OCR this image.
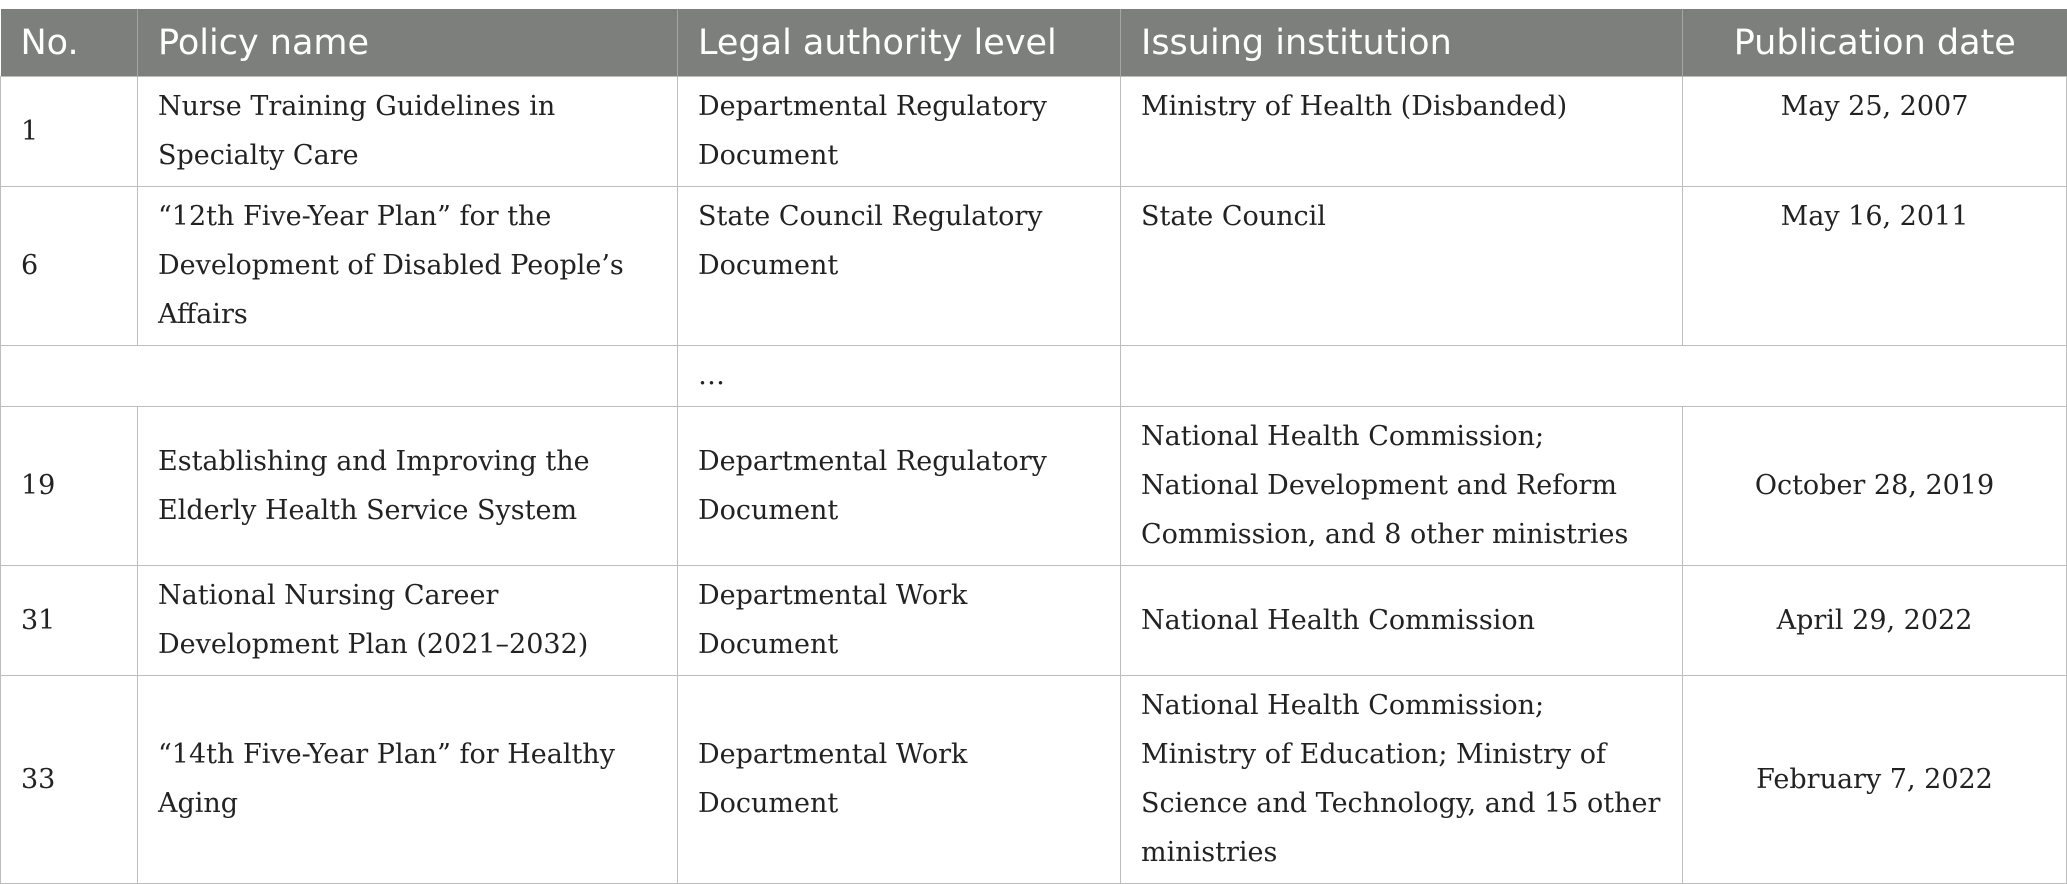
No.	Policy name	Legal authority level	Issuing institution	Publication date
1	Nurse Training Guidelines in Specialty Care	Departmental Regulatory Document	Ministry of Health (Disbanded)	May 25, 2007
6	“12th Five-Year Plan” for the Development of Disabled People’s Affairs	State Council Regulatory Document	State Council	May 16, 2011
		…		
19	Establishing and Improving the Elderly Health Service System	Departmental Regulatory Document	National Health Commission; National Development and Reform Commission, and 8 other ministries	October 28, 2019
31	National Nursing Career Development Plan (2021–2032)	Departmental Work Document	National Health Commission	April 29, 2022
33	“14th Five-Year Plan” for Healthy Aging	Departmental Work Document	National Health Commission; Ministry of Education; Ministry of Science and Technology, and 15 other ministries	February 7, 2022
